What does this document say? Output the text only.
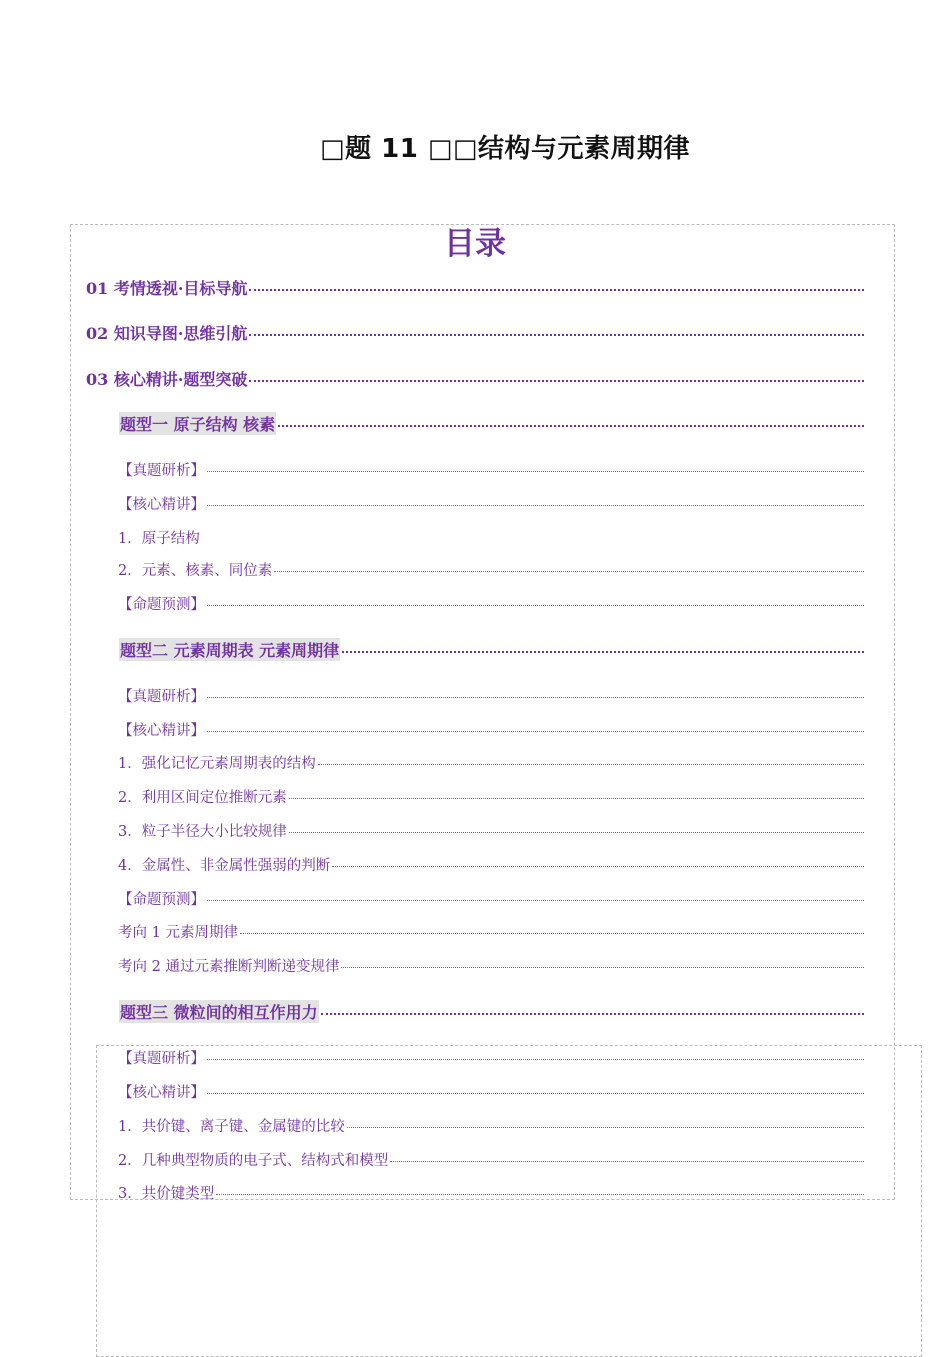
□题 11 □□结构与元素周期律
目录
01 考情透视·目标导航
02 知识导图·思维引航
03 核心精讲·题型突破
题型一 原子结构 核素
【真题研析】
【核心精讲】
1．原子结构
2．元素、核素、同位素
【命题预测】
题型二 元素周期表 元素周期律
【真题研析】
【核心精讲】
1．强化记忆元素周期表的结构
2．利用区间定位推断元素
3．粒子半径大小比较规律
4．金属性、非金属性强弱的判断
【命题预测】
考向 1 元素周期律
考向 2 通过元素推断判断递变规律
题型三 微粒间的相互作用力
【真题研析】
【核心精讲】
1．共价键、离子键、金属键的比较
2．几种典型物质的电子式、结构式和模型
3．共价键类型
